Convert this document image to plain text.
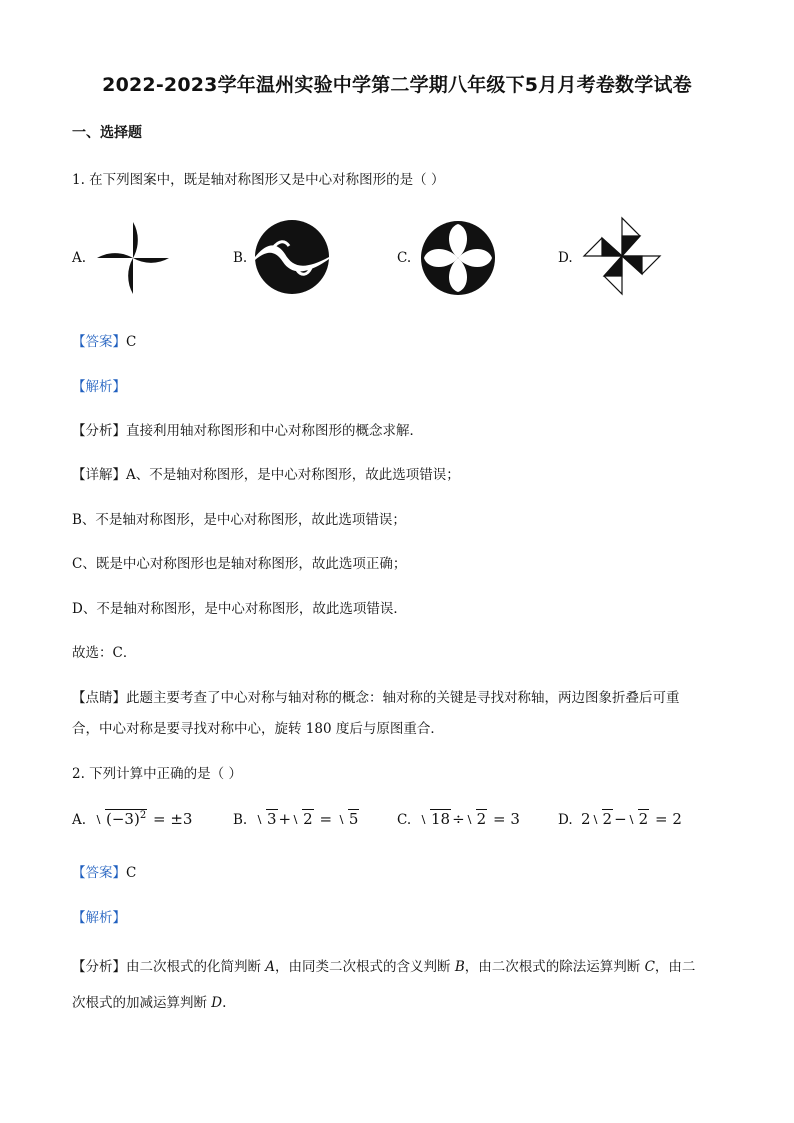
2022-2023学年温州实验中学第二学期八年级下5月月考卷数学试卷
一、选择题
1. 在下列图案中，既是轴对称图形又是中心对称图形的是（ ）
A.	B.	C.	D.
【答案】C
【解析】
【分析】直接利用轴对称图形和中心对称图形的概念求解．
【详解】A、不是轴对称图形，是中心对称图形，故此选项错误；
B、不是轴对称图形，是中心对称图形，故此选项错误；
C、既是中心对称图形也是轴对称图形，故此选项正确；
D、不是轴对称图形，是中心对称图形，故此选项错误．
故选：C．
【点睛】此题主要考查了中心对称与轴对称的概念：轴对称的关键是寻找对称轴，两边图象折叠后可重
合，中心对称是要寻找对称中心，旋转 180 度后与原图重合．
2. 下列计算中正确的是（ ）
A.	$(-3)^2 = \pm 3$	B.	3 + 2 = 5	C.	18 ÷ 2 = 3	D. 2 2 − 2 = 2
【答案】C
【解析】
【分析】由二次根式的化简判断 A，由同类二次根式的含义判断 B，由二次根式的除法运算判断 C，由二
次根式的加减运算判断 D.
